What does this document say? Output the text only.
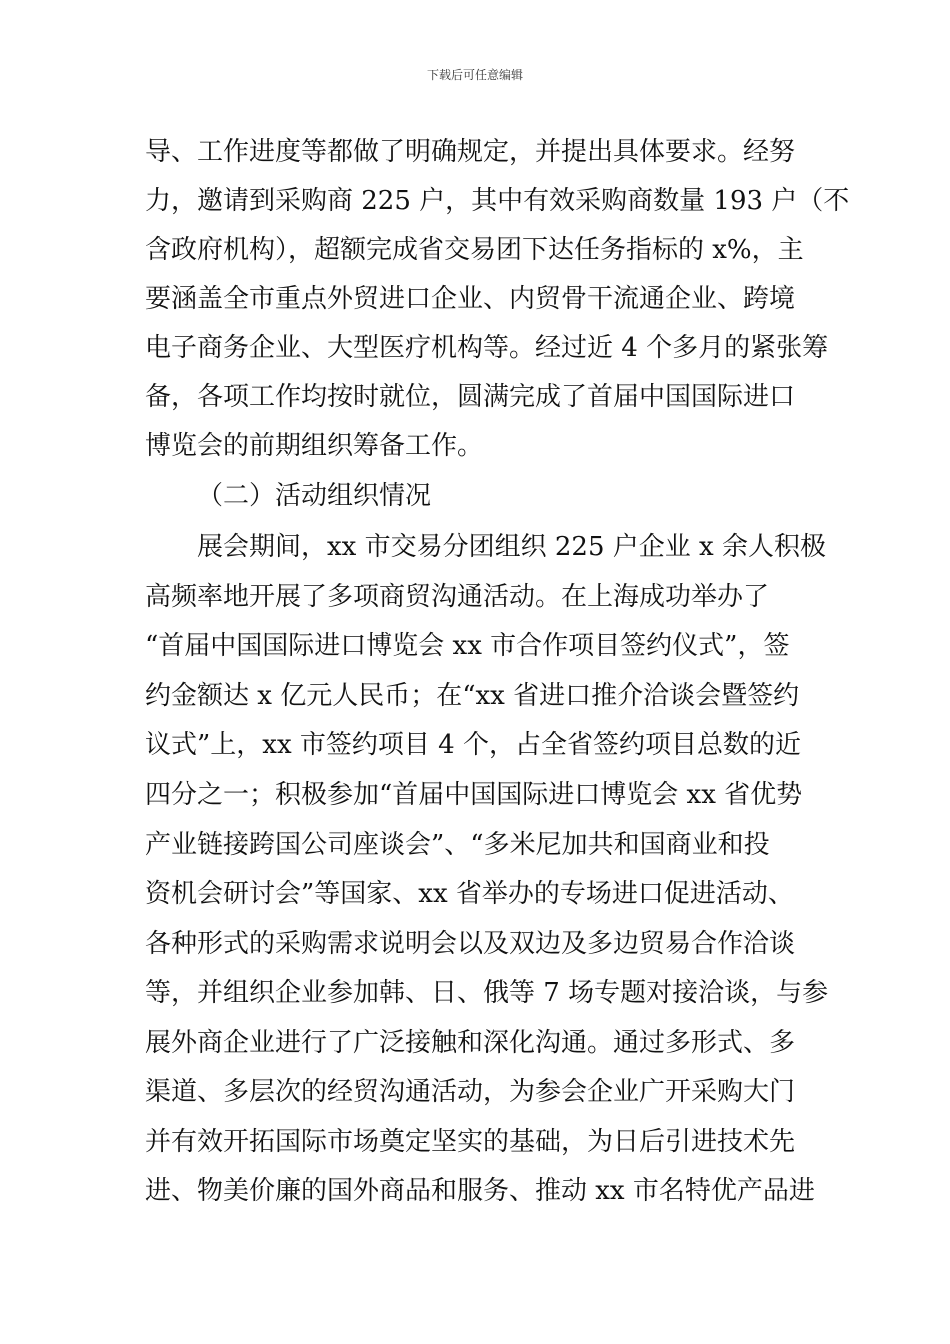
下载后可任意编辑
导、工作进度等都做了明确规定，并提出具体要求。经努
力，邀请到采购商 225 户，其中有效采购商数量 193 户（不
含政府机构），超额完成省交易团下达任务指标的 x%，主
要涵盖全市重点外贸进口企业、内贸骨干流通企业、跨境
电子商务企业、大型医疗机构等。经过近 4 个多月的紧张筹
备，各项工作均按时就位，圆满完成了首届中国国际进口
博览会的前期组织筹备工作。
（二）活动组织情况
展会期间，xx 市交易分团组织 225 户企业 x 余人积极
高频率地开展了多项商贸沟通活动。在上海成功举办了
“首届中国国际进口博览会 xx 市合作项目签约仪式”，签
约金额达 x 亿元人民币；在“xx 省进口推介洽谈会暨签约
议式”上，xx 市签约项目 4 个，占全省签约项目总数的近
四分之一；积极参加“首届中国国际进口博览会 xx 省优势
产业链接跨国公司座谈会”、“多米尼加共和国商业和投
资机会研讨会”等国家、xx 省举办的专场进口促进活动、
各种形式的采购需求说明会以及双边及多边贸易合作洽谈
等，并组织企业参加韩、日、俄等 7 场专题对接洽谈，与参
展外商企业进行了广泛接触和深化沟通。通过多形式、多
渠道、多层次的经贸沟通活动，为参会企业广开采购大门
并有效开拓国际市场奠定坚实的基础，为日后引进技术先
进、物美价廉的国外商品和服务、推动 xx 市名特优产品进
